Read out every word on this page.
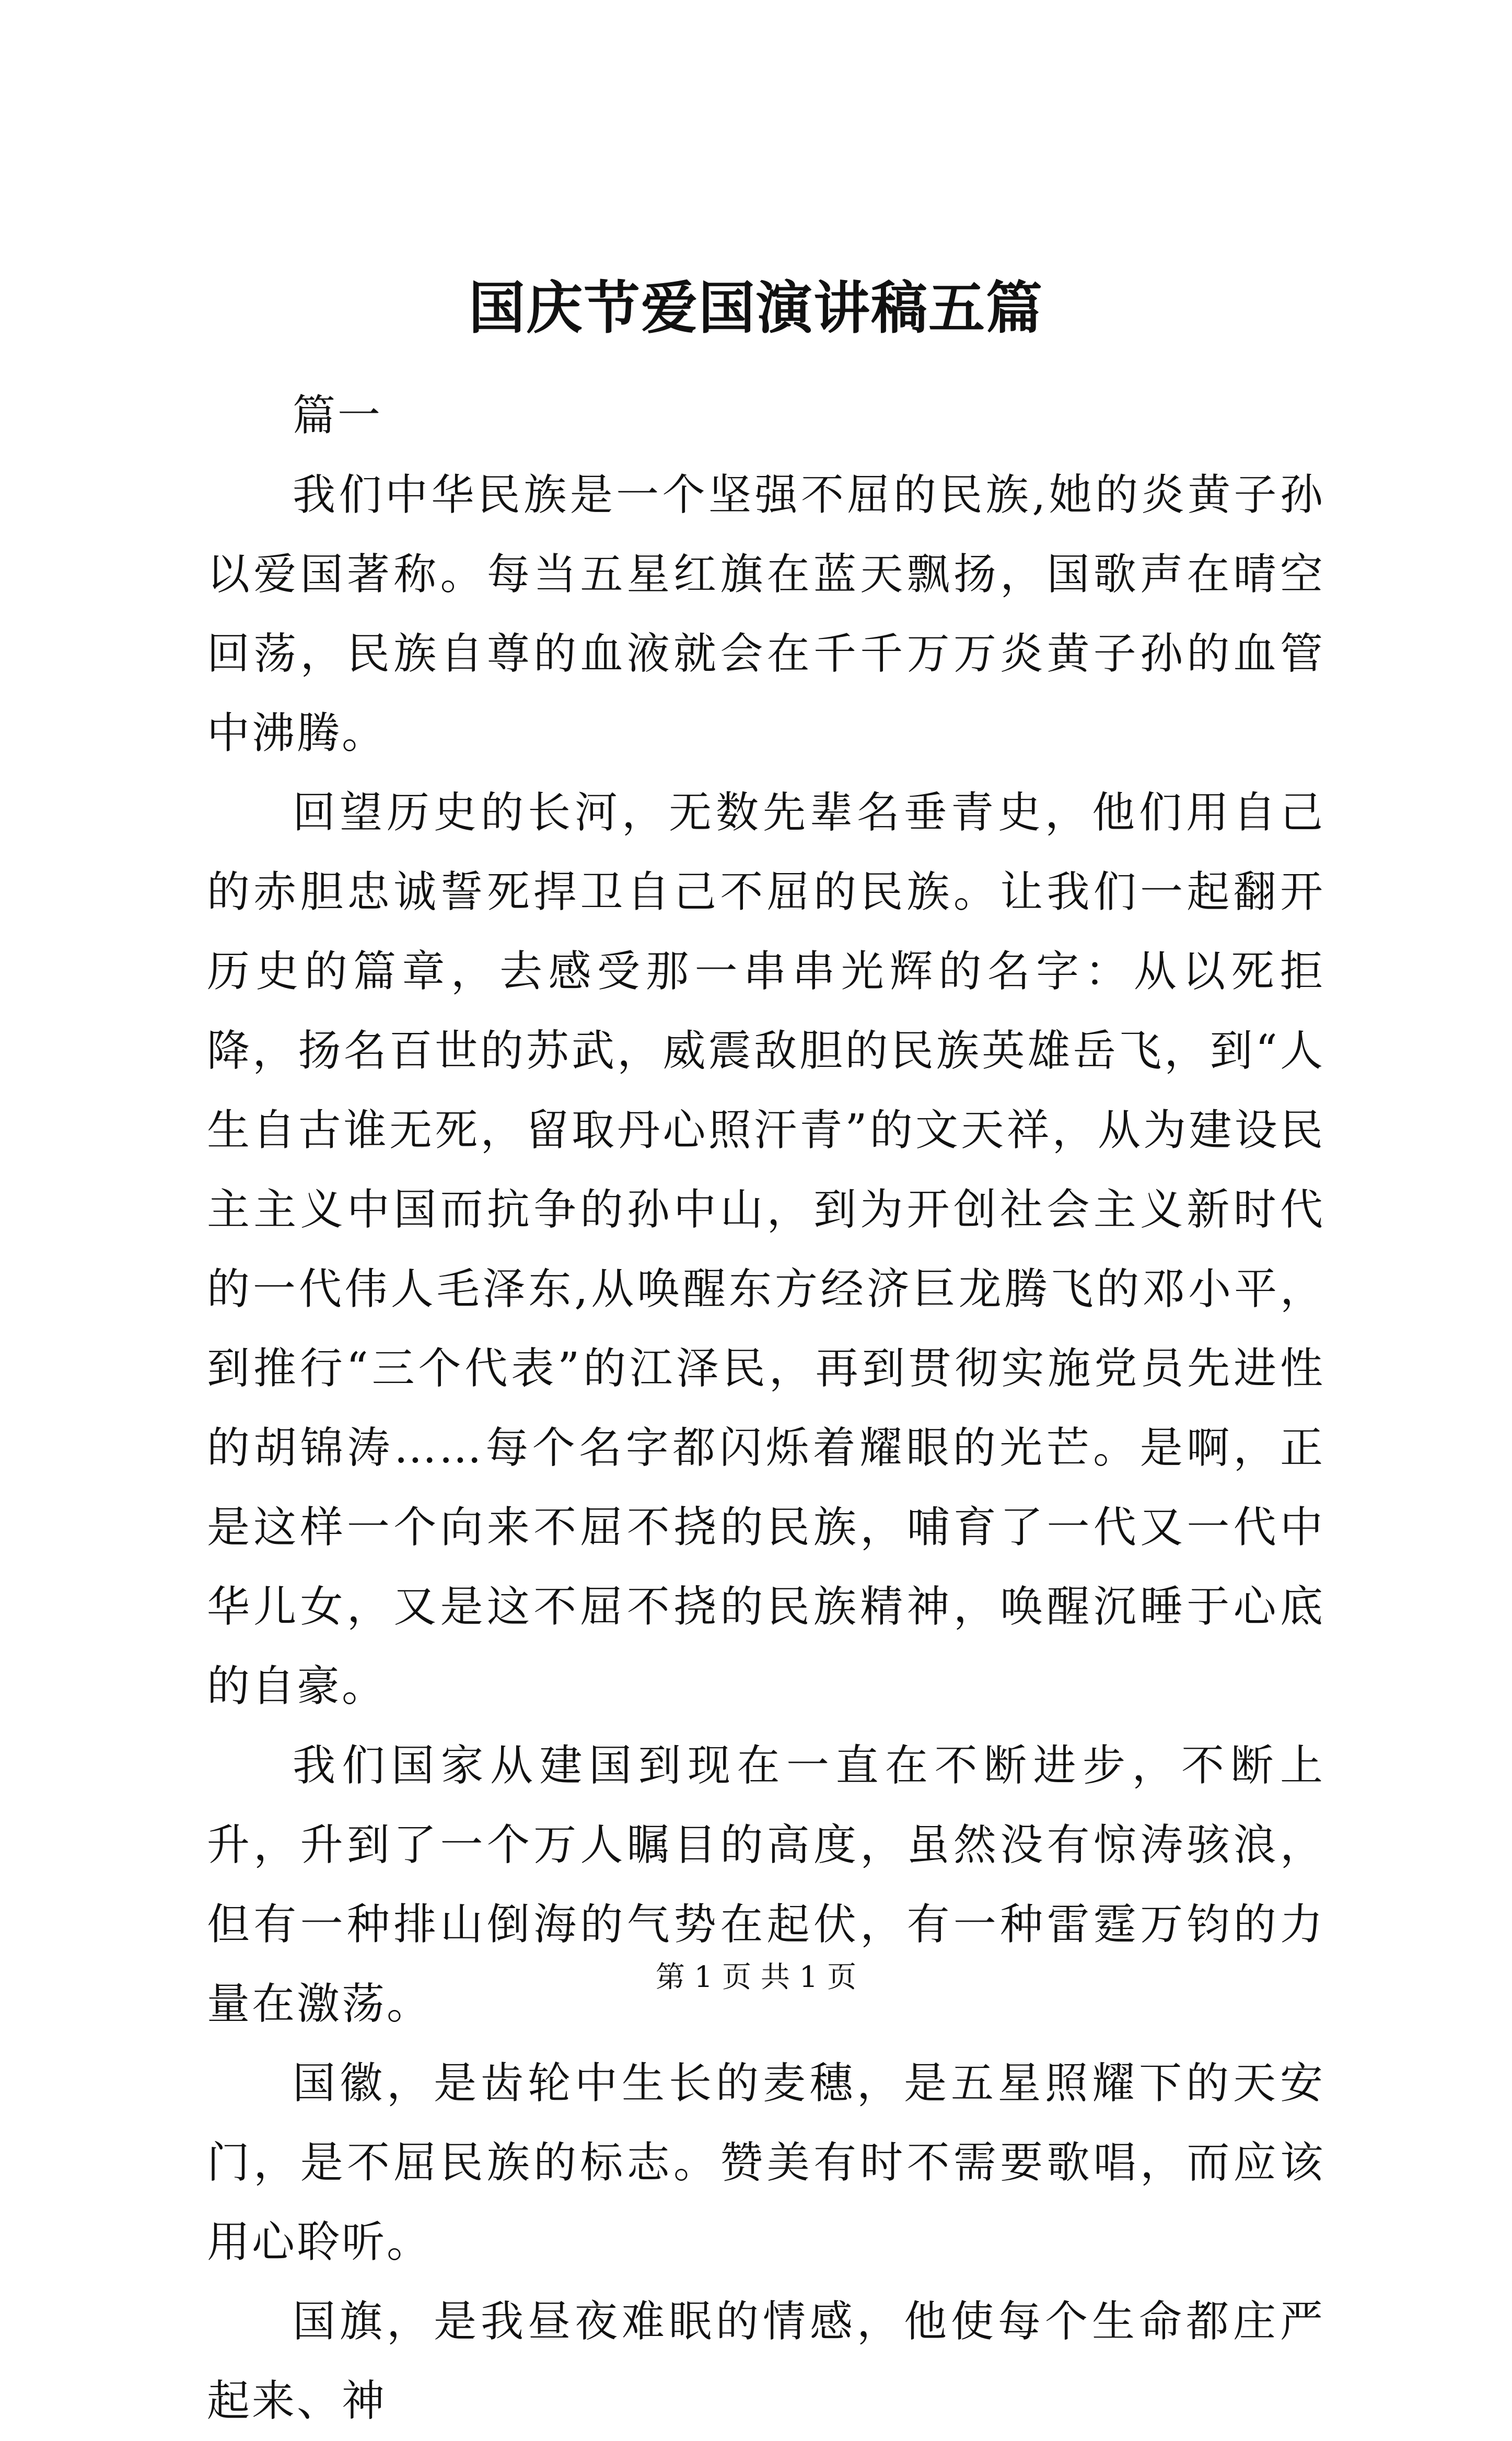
国庆节爱国演讲稿五篇

篇一

我们中华民族是一个坚强不屈的民族,她的炎黄子孙以爱国著称。每当五星红旗在蓝天飘扬，国歌声在晴空回荡，民族自尊的血液就会在千千万万炎黄子孙的血管中沸腾。

回望历史的长河，无数先辈名垂青史，他们用自己的赤胆忠诚誓死捍卫自己不屈的民族。让我们一起翻开历史的篇章，去感受那一串串光辉的名字：从以死拒降，扬名百世的苏武，威震敌胆的民族英雄岳飞，到“人生自古谁无死，留取丹心照汗青”的文天祥，从为建设民主主义中国而抗争的孙中山，到为开创社会主义新时代的一代伟人毛泽东,从唤醒东方经济巨龙腾飞的邓小平，到推行“三个代表”的江泽民，再到贯彻实施党员先进性的胡锦涛……每个名字都闪烁着耀眼的光芒。是啊，正是这样一个向来不屈不挠的民族，哺育了一代又一代中华儿女，又是这不屈不挠的民族精神，唤醒沉睡于心底的自豪。

我们国家从建国到现在一直在不断进步，不断上升，升到了一个万人瞩目的高度，虽然没有惊涛骇浪，但有一种排山倒海的气势在起伏，有一种雷霆万钧的力量在激荡。

国徽，是齿轮中生长的麦穗，是五星照耀下的天安门，是不屈民族的标志。赞美有时不需要歌唱，而应该用心聆听。

国旗，是我昼夜难眠的情感，他使每个生命都庄严起来、神

第 1 页 共 1 页
